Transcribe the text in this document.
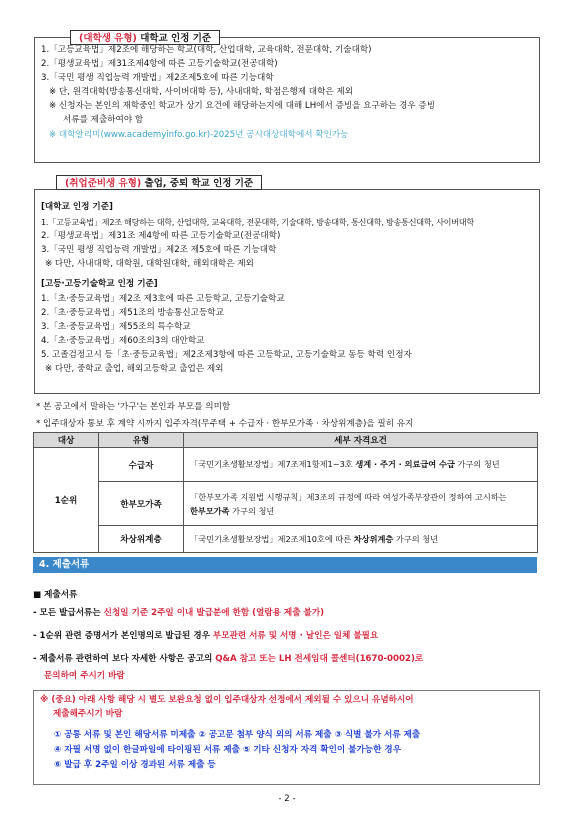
1.「고등교육법」제2조에 해당하는 학교(대학, 산업대학, 교육대학, 전문대학, 기술대학)
2.「평생교육법」제31조제4항에 따른 고등기술학교(전공대학)
3.「국민 평생 직업능력 개발법」제2조제5호에 따른 기능대학
※ 단, 원격대학(방송통신대학, 사이버대학 등), 사내대학, 학점은행제 대학은 제외
※ 신청자는 본인의 재학중인 학교가 상기 요건에 해당하는지에 대해 LH에서 증빙을 요구하는 경우 증빙
서류를 제출하여야 함
※ 대학알리미(www.academyinfo.go.kr)-2025년 공시대상대학에서 확인가능
(대학생 유형) 대학교 인정 기준
[대학교 인정 기준]
1.「고등교육법」제2조 해당하는 대학, 산업대학, 교육대학, 전문대학, 기술대학, 방송대학, 통신대학, 방송통신대학, 사이버대학
2.「평생교육법」제31조 제4항에 따른 고등기술학교(전공대학)
3.「국민 평생 직업능력 개발법」제2조 제5호에 따른 기능대학
※ 다만, 사내대학, 대학원, 대학원대학, 해외대학은 제외
[고등·고등기술학교 인정 기준]
1.「초·중등교육법」제2조 제3호에 따른 고등학교, 고등기술학교
2.「초·중등교육법」제51조의 방송통신고등학교
3.「초·중등교육법」제55조의 특수학교
4.「초·중등교육법」제60조의3의 대안학교
5. 고졸검정고시 등「초·중등교육법」제2조제3항에 따른 고등학교, 고등기술학교 동등 학력 인정자
※ 다만, 중학교 출업, 해외고등학교 출업은 제외
(취업준비생 유형) 출업, 중퇴 학교 인정 기준
* 본 공고에서 말하는 '가구'는 본인과 부모를 의미함
* 입주대상자 통보 후 계약 시까지 입주자격(무주택 + 수급자 · 한부모가족 · 차상위계층)을 필히 유지
대상	유형	세부 자격요건
1순위	수급자	「국민기초생활보장법」제7조제1항제1~3호 생계 · 주거 · 의료급여 수급 가구의 청년
	한부모가족	「한부모가족 지원법 시행규칙」제3조의 규정에 따라 여성가족부장관이 정하여 고시하는
한부모가족 가구의 청년
	차상위계층	「국민기초생활보장법」제2조제10호에 따른 차상위계층 가구의 청년
4. 제출서류
■ 제출서류
- 모든 발급서류는 신청일 기준 2주일 이내 발급분에 한함 (열람용 제출 불가)
- 1순위 관련 증명서가 본인명의로 발급된 경우 부모관련 서류 및 서명 · 날인은 일체 불필요
- 제출서류 관련하여 보다 자세한 사항은 공고의 Q&A 참고 또는 LH 전세임대 콜센터(1670-0002)로
문의하여 주시기 바람
※ (중요) 아래 사항 해당 시 별도 보완요청 없이 입주대상자 선정에서 제외될 수 있으니 유념하시어
제출해주시기 바람
① 공통 서류 및 본인 해당서류 미제출 ② 공고문 첨부 양식 외의 서류 제출 ③ 식별 불가 서류 제출
④ 자필 서명 없이 한글파일에 타이핑된 서류 제출 ⑤ 기타 신청자 자격 확인이 불가능한 경우
⑥ 발급 후 2주일 이상 경과된 서류 제출 등
- 2 -
